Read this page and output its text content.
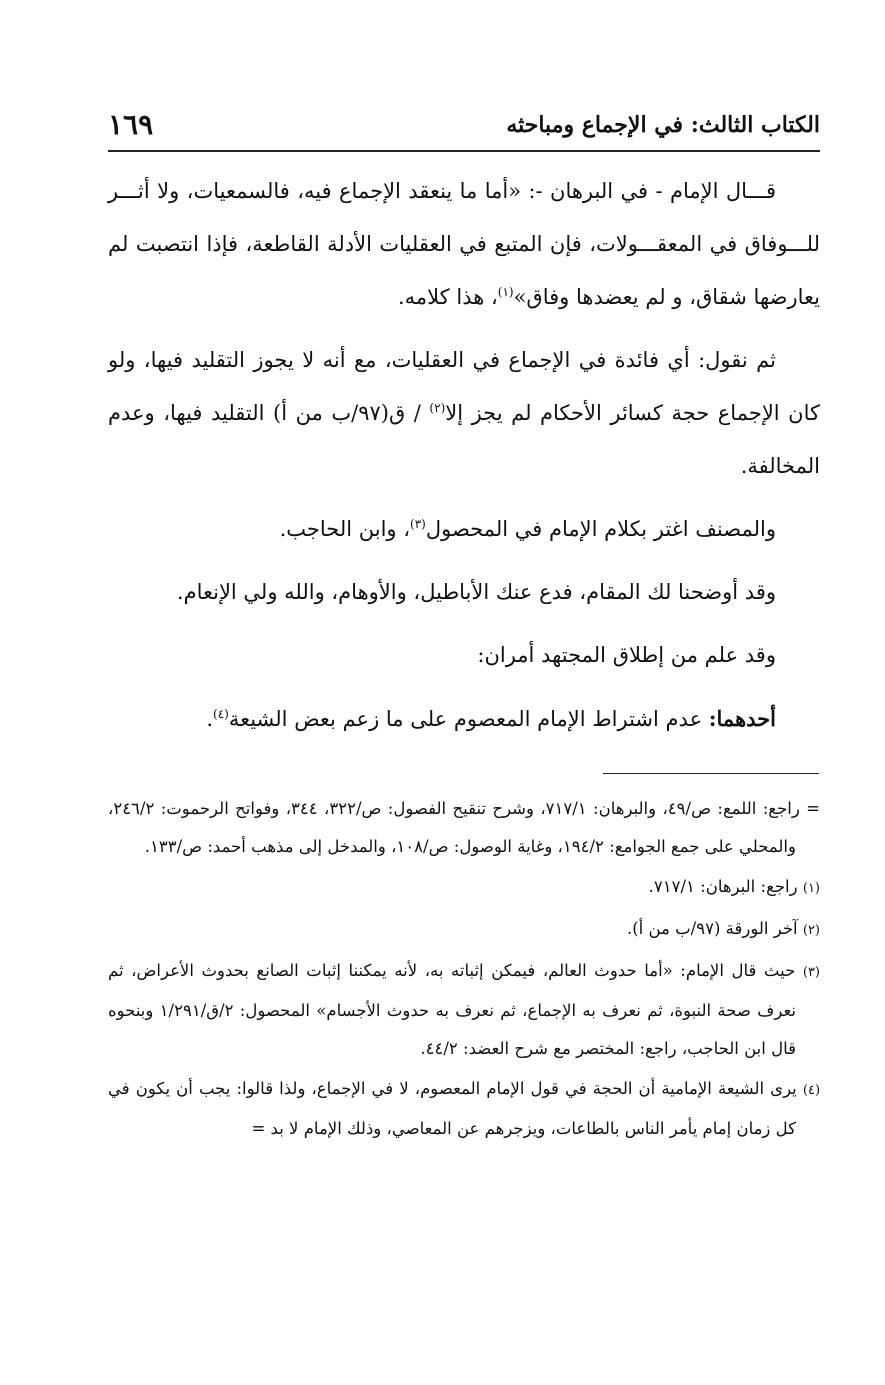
الكتاب الثالث: في الإجماع ومباحثه
١٦٩

قـــال الإمام - في البرهان -: «أما ما ينعقد الإجماع فيه، فالسمعيات، ولا أثـــر للـــوفاق في المعقـــولات، فإن المتبع في العقليات الأدلة القاطعة، فإذا انتصبت لم يعارضها شقاق، و لم يعضدها وفاق»$^{(١)}$، هذا كلامه.

ثم نقول: أي فائدة في الإجماع في العقليات، مع أنه لا يجوز التقليد فيها، ولو كان الإجماع حجة كسائر الأحكام لم يجز إلا$^{(٢)}$ / ق(٩٧/ب من أ) التقليد فيها، وعدم المخالفة.

والمصنف اغتر بكلام الإمام في المحصول$^{(٣)}$، وابن الحاجب.

وقد أوضحنا لك المقام، فدع عنك الأباطيل، والأوهام، والله ولي الإنعام.

وقد علم من إطلاق المجتهد أمران:

أحدهما: عدم اشتراط الإمام المعصوم على ما زعم بعض الشيعة$^{(٤)}$.

= راجع: اللمع: ص/٤٩، والبرهان: ٧١٧/١، وشرح تنقيح الفصول: ص/٣٢٢، ٣٤٤، وفواتح الرحموت: ٢٤٦/٢، والمحلي على جمع الجوامع: ١٩٤/٢، وغاية الوصول: ص/١٠٨، والمدخل إلى مذهب أحمد: ص/١٣٣.

(١) راجع: البرهان: ٧١٧/١.

(٢) آخر الورقة (٩٧/ب من أ).

(٣) حيث قال الإمام: «أما حدوث العالم، فيمكن إثباته به، لأنه يمكننا إثبات الصانع بحدوث الأعراض، ثم نعرف صحة النبوة، ثم نعرف به الإجماع، ثم نعرف به حدوث الأجسام» المحصول: ٢/ق/١/٢٩١ وبنحوه قال ابن الحاجب، راجع: المختصر مع شرح العضد: ٤٤/٢.

(٤) يرى الشيعة الإمامية أن الحجة في قول الإمام المعصوم، لا في الإجماع، ولذا قالوا: يجب أن يكون في كل زمان إمام يأمر الناس بالطاعات، ويزجرهم عن المعاصي، وذلك الإمام لا بد =
